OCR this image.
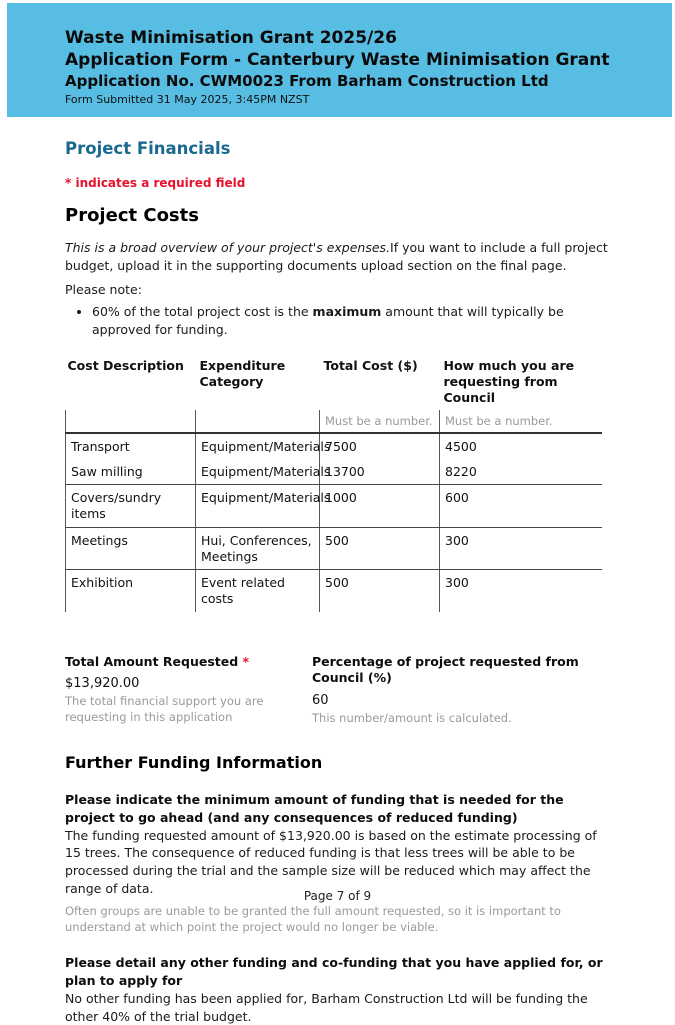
Waste Minimisation Grant 2025/26
Application Form - Canterbury Waste Minimisation Grant
Application No. CWM0023 From Barham Construction Ltd
Form Submitted 31 May 2025, 3:45PM NZST
Project Financials
* indicates a required field
Project Costs
This is a broad overview of your project's expenses.If you want to include a full project budget, upload it in the supporting documents upload section on the final page.
Please note:
• 60% of the total project cost is the maximum amount that will typically be approved for funding.
Cost Description	Expenditure Category	Total Cost ($)	How much you are requesting from Council
		Must be a number.	Must be a number.
Transport	Equipment/Materials	7500	4500
Saw milling	Equipment/Materials	13700	8220
Covers/sundry items	Equipment/Materials	1000	600
Meetings	Hui, Conferences, Meetings	500	300
Exhibition	Event related costs	500	300
Total Amount Requested *
$13,920.00
The total financial support you are requesting in this application
Percentage of project requested from Council (%)
60
This number/amount is calculated.
Further Funding Information
Please indicate the minimum amount of funding that is needed for the project to go ahead (and any consequences of reduced funding)
The funding requested amount of $13,920.00 is based on the estimate processing of 15 trees. The consequence of reduced funding is that less trees will be able to be processed during the trial and the sample size will be reduced which may affect the range of data.
Often groups are unable to be granted the full amount requested, so it is important to understand at which point the project would no longer be viable.
Please detail any other funding and co-funding that you have applied for, or plan to apply for
No other funding has been applied for, Barham Construction Ltd will be funding the other 40% of the trial budget.
Page 7 of 9
